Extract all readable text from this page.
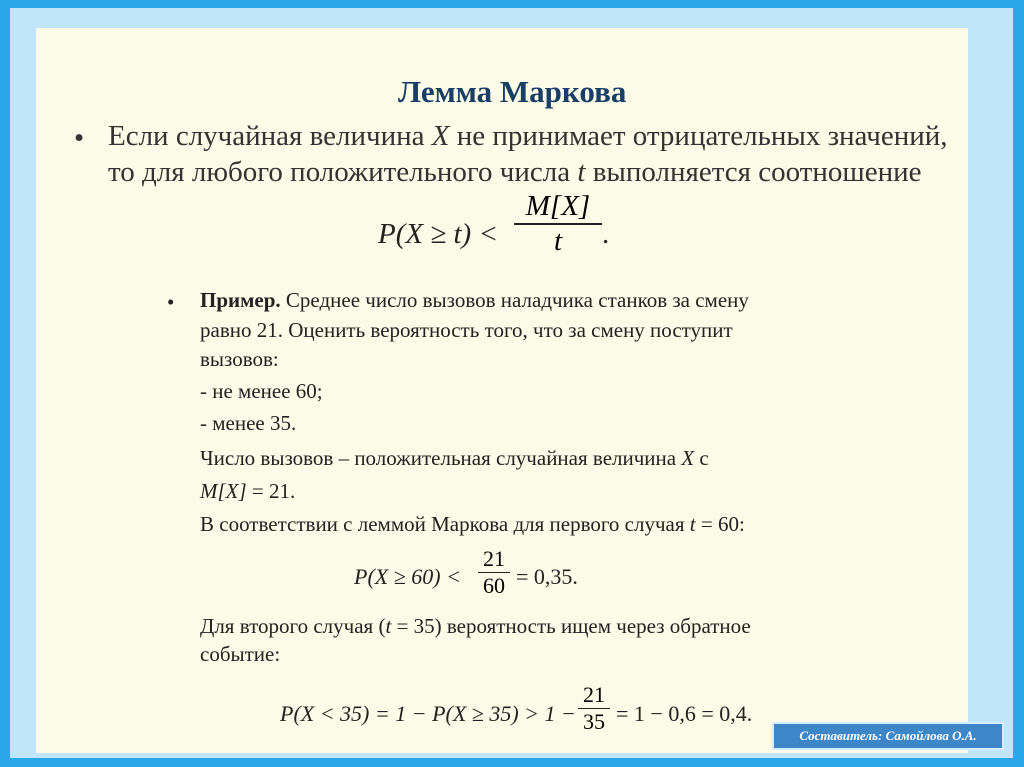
Лемма Маркова
• Если случайная величина X не принимает отрицательных значений,
то для любого положительного числа t выполняется соотношение
P(X ≥ t) <
M[X]
t	.
• Пример. Среднее число вызовов наладчика станков за смену
равно 21. Оценить вероятность того, что за смену поступит
вызовов:
- не менее 60;
- менее 35.
Число вызовов – положительная случайная величина X с
M[X] = 21.
В соответствии с леммой Маркова для первого случая t = 60:
P(X ≥ 60) <
21
60 = 0,35.
Для второго случая (t = 35) вероятность ищем через обратное
событие:
P(X < 35) = 1 − P(X ≥ 35) > 1 −
21
35 = 1 − 0,6 = 0,4.
Составитель: Самойлова О.А.
